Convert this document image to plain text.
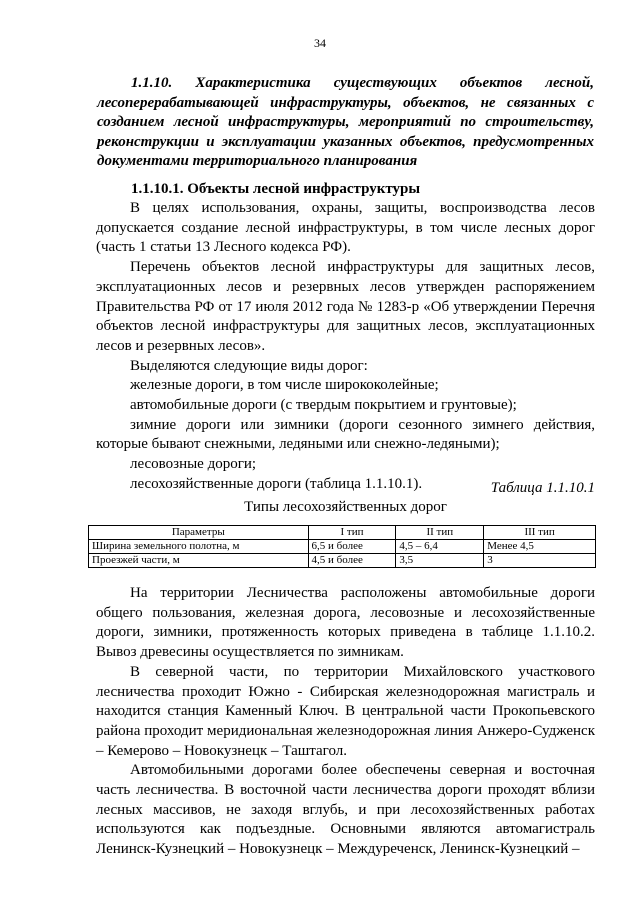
34

1.1.10. Характеристика существующих объектов лесной, лесоперерабатывающей инфраструктуры, объектов, не связанных с созданием лесной инфраструктуры, мероприятий по строительству, реконструкции и эксплуатации указанных объектов, предусмотренных документами территориального планирования

1.1.10.1. Объекты лесной инфраструктуры

В целях использования, охраны, защиты, воспроизводства лесов допускается создание лесной инфраструктуры, в том числе лесных дорог (часть 1 статьи 13 Лесного кодекса РФ).

Перечень объектов лесной инфраструктуры для защитных лесов, эксплуатационных лесов и резервных лесов утвержден распоряжением Правительства РФ от 17 июля 2012 года № 1283-р «Об утверждении Перечня объектов лесной инфраструктуры для защитных лесов, эксплуатационных лесов и резервных лесов».

Выделяются следующие виды дорог:

железные дороги, в том числе ширококолейные;

автомобильные дороги (с твердым покрытием и грунтовые);

зимние дороги или зимники (дороги сезонного зимнего действия, которые бывают снежными, ледяными или снежно-ледяными);

лесовозные дороги;

лесохозяйственные дороги (таблица 1.1.10.1).	Таблица 1.1.10.1

Типы лесохозяйственных дорог

Параметры	I тип	II тип	III тип
Ширина земельного полотна, м	6,5 и более	4,5 – 6,4	Менее 4,5
Проезжей части, м	4,5 и более	3,5	3

На территории Лесничества расположены автомобильные дороги общего пользования, железная дорога, лесовозные и лесохозяйственные дороги, зимники, протяженность которых приведена в таблице 1.1.10.2. Вывоз древесины осуществляется по зимникам.

В северной части, по территории Михайловского участкового лесничества проходит Южно - Сибирская железнодорожная магистраль и находится станция Каменный Ключ. В центральной части Прокопьевского района проходит меридиональная железнодорожная линия Анжеро-Судженск – Кемерово – Новокузнецк – Таштагол.

Автомобильными дорогами более обеспечены северная и восточная часть лесничества. В восточной части лесничества дороги проходят вблизи лесных массивов, не заходя вглубь, и при лесохозяйственных работах используются как подъездные. Основными являются автомагистраль Ленинск-Кузнецкий – Новокузнецк – Междуреченск, Ленинск-Кузнецкий –
